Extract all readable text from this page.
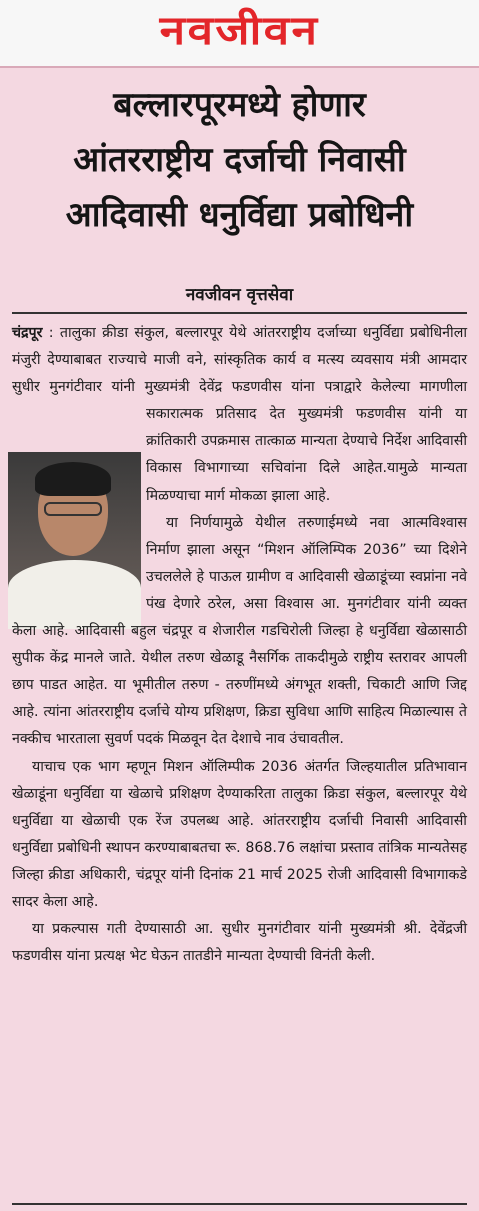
नवजीवन
बल्लारपूरमध्ये होणार
आंतरराष्ट्रीय दर्जाची निवासी
आदिवासी धनुर्विद्या प्रबोधिनी
नवजीवन वृत्तसेवा

चंद्रपूर : तालुका क्रीडा संकुल, बल्लारपूर येथे आंतरराष्ट्रीय दर्जाच्या धनुर्विद्या प्रबोधिनीला मंजुरी देण्याबाबत राज्याचे माजी वने, सांस्कृतिक कार्य व मत्स्य व्यवसाय मंत्री आमदार सुधीर मुनगंटीवार यांनी मुख्यमंत्री देवेंद्र फडणवीस यांना पत्राद्वारे केलेल्या मागणीला सकारात्मक प्रतिसाद देत मुख्यमंत्री फडणवीस यांनी या क्रांतिकारी उपक्रमास तात्काळ मान्यता देण्याचे निर्देश आदिवासी विकास विभागाच्या सचिवांना दिले आहेत.यामुळे मान्यता मिळण्याचा मार्ग मोकळा झाला आहे.

या निर्णयामुळे येथील तरुणाईमध्ये नवा आत्मविश्वास निर्माण झाला असून “मिशन ऑलिम्पिक 2036” च्या दिशेने उचललेले हे पाऊल ग्रामीण व आदिवासी खेळाडूंच्या स्वप्नांना नवे पंख देणारे ठरेल, असा विश्वास आ. मुनगंटीवार यांनी व्यक्त केला आहे. आदिवासी बहुल चंद्रपूर व शेजारील गडचिरोली जिल्हा हे धनुर्विद्या खेळासाठी सुपीक केंद्र मानले जाते. येथील तरुण खेळाडू नैसर्गिक ताकदीमुळे राष्ट्रीय स्तरावर आपली छाप पाडत आहेत. या भूमीतील तरुण - तरुणींमध्ये अंगभूत शक्ती, चिकाटी आणि जिद्द आहे. त्यांना आंतरराष्ट्रीय दर्जाचे योग्य प्रशिक्षण, क्रिडा सुविधा आणि साहित्य मिळाल्यास ते नक्कीच भारताला सुवर्ण पदकं मिळवून देत देशाचे नाव उंचावतील.

याचाच एक भाग म्हणून मिशन ऑलिम्पीक 2036 अंतर्गत जिल्हयातील प्रतिभावान खेळाडूंना धनुर्विद्या या खेळाचे प्रशिक्षण देण्याकरिता तालुका क्रिडा संकुल, बल्लारपूर येथे धनुर्विद्या या खेळाची एक रेंज उपलब्ध आहे. आंतरराष्ट्रीय दर्जाची निवासी आदिवासी धनुर्विद्या प्रबोधिनी स्थापन करण्याबाबतचा रू. 868.76 लक्षांचा प्रस्ताव तांत्रिक मान्यतेसह जिल्हा क्रीडा अधिकारी, चंद्रपूर यांनी दिनांक 21 मार्च 2025 रोजी आदिवासी विभागाकडे सादर केला आहे.

या प्रकल्पास गती देण्यासाठी आ. सुधीर मुनगंटीवार यांनी मुख्यमंत्री श्री. देवेंद्रजी फडणवीस यांना प्रत्यक्ष भेट घेऊन तातडीने मान्यता देण्याची विनंती केली.
